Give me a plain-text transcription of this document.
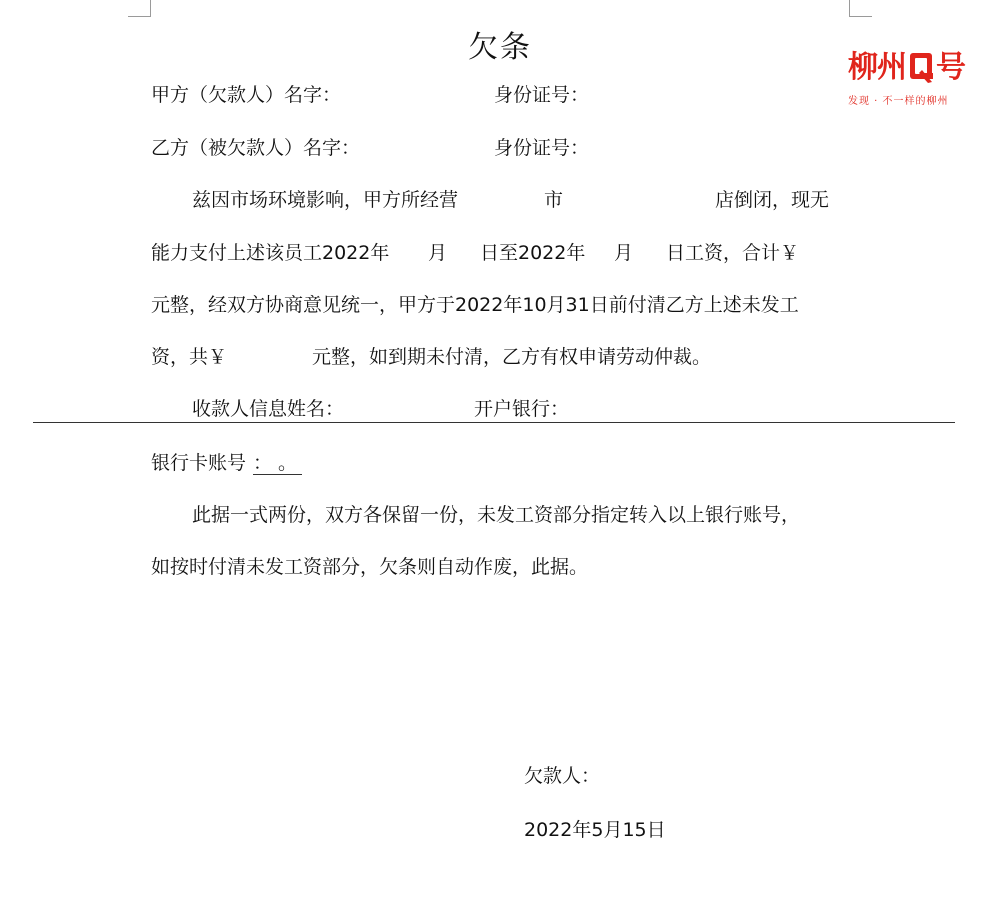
欠条
甲方（欠款人）名字：	身份证号：
乙方（被欠款人）名字：	身份证号：
兹因市场环境影响，甲方所经营	市	店倒闭，现无
能力支付上述该员工2022年 月 日至2022年 月 日工资，合计￥
元整，经双方协商意见统一，甲方于2022年10月31日前付清乙方上述未发工
资，共￥	元整，如到期未付清，乙方有权申请劳动仲裁。
收款人信息姓名：	开户银行：
银行卡账号 ： 。
此据一式两份，双方各保留一份，未发工资部分指定转入以上银行账号，
如按时付清未发工资部分，欠条则自动作废，此据。
欠款人：
2022年5月15日
柳州 号
发现 · 不一样的柳州
